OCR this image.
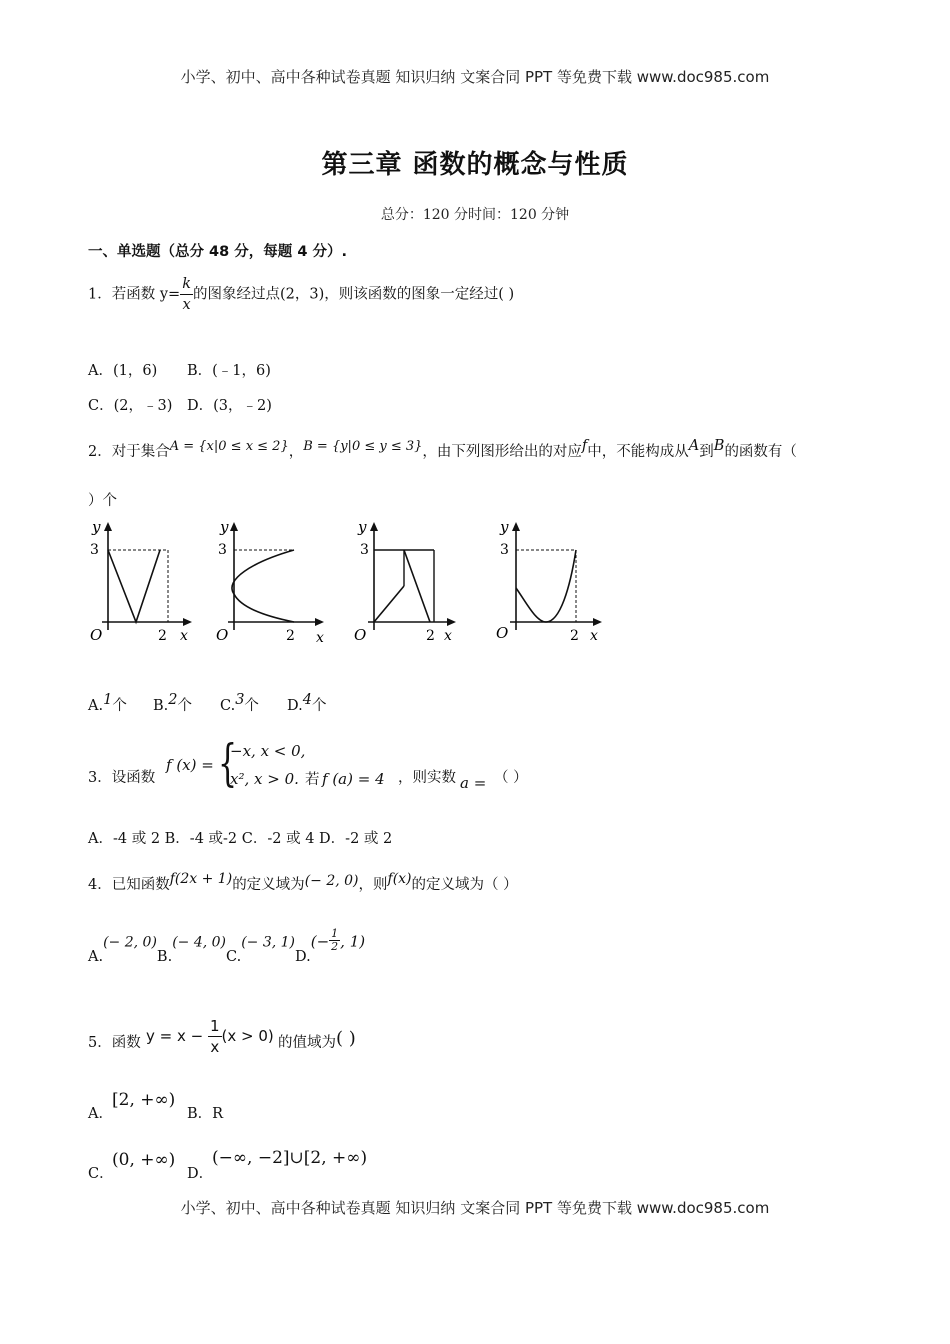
小学、初中、高中各种试卷真题 知识归纳 文案合同 PPT 等免费下载 www.doc985.com
第三章 函数的概念与性质
总分：120 分时间：120 分钟
一、单选题（总分 48 分，每题 4 分）.
1．若函数 $y= \frac{k}{x}$ 的图象经过点(2，3)，则该函数的图象一定经过( )
A．(1，6) B．(﹣1，6)
C．(2，﹣3) D．(3，﹣2)
2．对于集合A = {x|0 ≤ x ≤ 2}，B = {y|0 ≤ y ≤ 3}，由下列图形给出的对应f中，不能构成从A到B的函数有（
）个
y
3
O	2 x
y
3
O	2 x
y
3
O	2 x
y
3
O	2 x
A.1个 B.2个 C.3个 D.4个
3．设函数
f (x) = {
−x, x < 0,
x², x > 0. 若 f (a) = 4 ，则实数 a = （ ）
A．-4 或 2 B．-4 或-2 C．-2 或 4 D．-2 或 2
4．已知函数f(2x + 1)的定义域为(− 2, 0)，则f(x)的定义域为（ ）
A.(− 2, 0)B.(− 4, 0)C.(− 3, $1)D.(- \frac{1}{2}$ , 1)
5．函数 $y = x - \frac{1}{x} (x > 0)$ 的值域为( )
A．
[2, +∞)
B．R
C．
(0, +∞)
D．
(−∞, −2]∪[2, +∞)
小学、初中、高中各种试卷真题 知识归纳 文案合同 PPT 等免费下载 www.doc985.com
